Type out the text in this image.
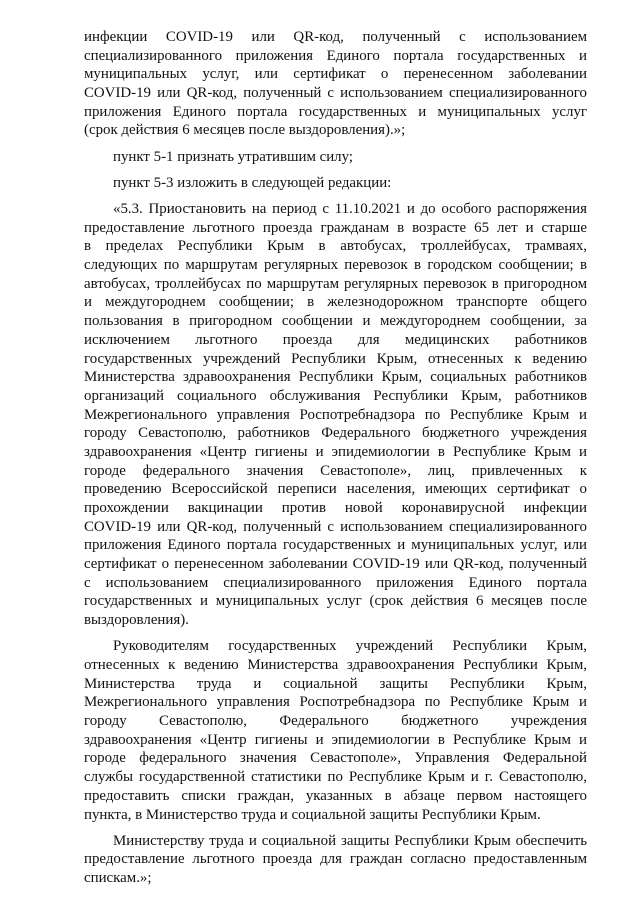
инфекции COVID-19 или QR-код, полученный с использованием
специализированного приложения Единого портала государственных и
муниципальных услуг, или сертификат о перенесенном заболевании
COVID-19 или QR-код, полученный с использованием специализированного
приложения Единого портала государственных и муниципальных услуг
(срок действия 6 месяцев после выздоровления).»;
пункт 5-1 признать утратившим силу;
пункт 5-3 изложить в следующей редакции:
«5.3. Приостановить на период с 11.10.2021 и до особого распоряжения
предоставление льготного проезда гражданам в возрасте 65 лет и старше
в пределах Республики Крым в автобусах, троллейбусах, трамваях,
следующих по маршрутам регулярных перевозок в городском сообщении; в
автобусах, троллейбусах по маршрутам регулярных перевозок в пригородном
и междугороднем сообщении; в железнодорожном транспорте общего
пользования в пригородном сообщении и междугороднем сообщении, за
исключением льготного проезда для медицинских работников
государственных учреждений Республики Крым, отнесенных к ведению
Министерства здравоохранения Республики Крым, социальных работников
организаций социального обслуживания Республики Крым, работников
Межрегионального управления Роспотребнадзора по Республике Крым и
городу Севастополю, работников Федерального бюджетного учреждения
здравоохранения «Центр гигиены и эпидемиологии в Республике Крым и
городе федерального значения Севастополе», лиц, привлеченных к
проведению Всероссийской переписи населения, имеющих сертификат о
прохождении вакцинации против новой коронавирусной инфекции
COVID-19 или QR-код, полученный с использованием специализированного
приложения Единого портала государственных и муниципальных услуг, или
сертификат о перенесенном заболевании COVID-19 или QR-код, полученный
с использованием специализированного приложения Единого портала
государственных и муниципальных услуг (срок действия 6 месяцев после
выздоровления).
Руководителям государственных учреждений Республики Крым,
отнесенных к ведению Министерства здравоохранения Республики Крым,
Министерства труда и социальной защиты Республики Крым,
Межрегионального управления Роспотребнадзора по Республике Крым и
городу Севастополю, Федерального бюджетного учреждения
здравоохранения «Центр гигиены и эпидемиологии в Республике Крым и
городе федерального значения Севастополе», Управления Федеральной
службы государственной статистики по Республике Крым и г. Севастополю,
предоставить списки граждан, указанных в абзаце первом настоящего
пункта, в Министерство труда и социальной защиты Республики Крым.
Министерству труда и социальной защиты Республики Крым обеспечить
предоставление льготного проезда для граждан согласно предоставленным
спискам.»;
